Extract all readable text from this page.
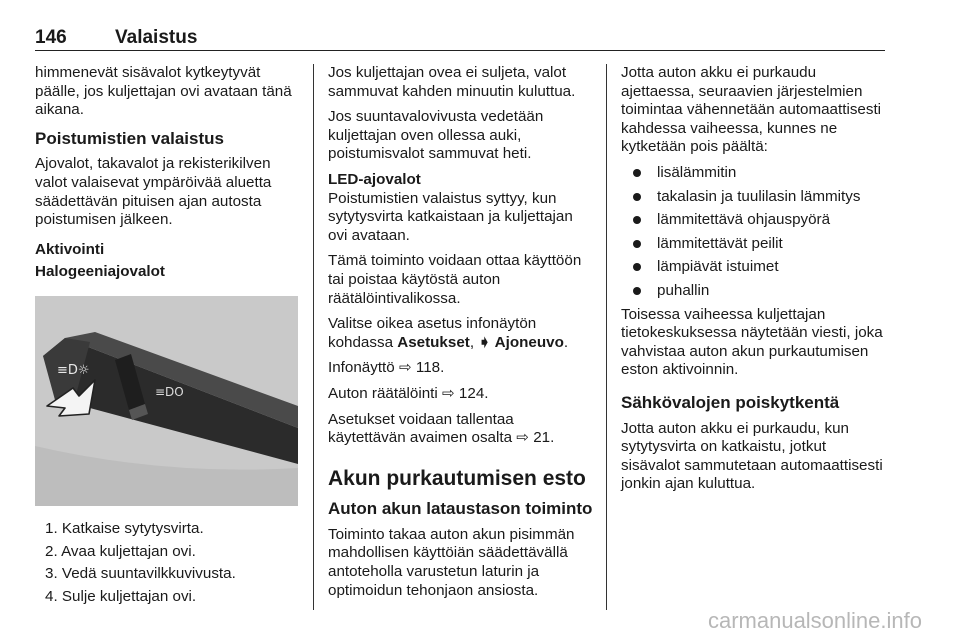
146	Valaistus

himmenevät sisävalot kytkeytyvät päälle, jos kuljettajan ovi avataan tänä aikana.

Poistumistien valaistus

Ajovalot, takavalot ja rekisterikilven valot valaisevat ympäröivää aluetta säädettävän pituisen ajan autosta poistumisen jälkeen.

Aktivointi
Halogeeniajovalot
≡D☼
≡DO
1. Katkaise sytytysvirta.
2. Avaa kuljettajan ovi.
3. Vedä suuntavilkkuvivusta.
4. Sulje kuljettajan ovi.

Jos kuljettajan ovea ei suljeta, valot sammuvat kahden minuutin kuluttua.

Jos suuntavalovivusta vedetään kuljettajan oven ollessa auki, poistumisvalot sammuvat heti.

LED-ajovalot

Poistumistien valaistus syttyy, kun sytytysvirta katkaistaan ja kuljettajan ovi avataan.

Tämä toiminto voidaan ottaa käyttöön tai poistaa käytöstä auton räätälöintivalikossa.

Valitse oikea asetus infonäytön kohdassa Asetukset, ➧ Ajoneuvo.

Infonäyttö ⇨ 118.

Auton räätälöinti ⇨ 124.

Asetukset voidaan tallentaa käytettävän avaimen osalta ⇨ 21.

Akun purkautumisen esto
Auton akun lataustason toiminto

Toiminto takaa auton akun pisimmän mahdollisen käyttöiän säädettävällä antoteholla varustetun laturin ja optimoidun tehonjaon ansiosta.

Jotta auton akku ei purkaudu ajettaessa, seuraavien järjestelmien toimintaa vähennetään automaattisesti kahdessa vaiheessa, kunnes ne kytketään pois päältä:

lisälämmitin
takalasin ja tuulilasin lämmitys
lämmitettävä ohjauspyörä
lämmitettävät peilit
lämpiävät istuimet
puhallin

Toisessa vaiheessa kuljettajan tietokeskuksessa näytetään viesti, joka vahvistaa auton akun purkautumisen eston aktivoinnin.

Sähkövalojen poiskytkentä

Jotta auton akku ei purkaudu, kun sytytysvirta on katkaistu, jotkut sisävalot sammutetaan automaattisesti jonkin ajan kuluttua.

carmanualsonline.info
